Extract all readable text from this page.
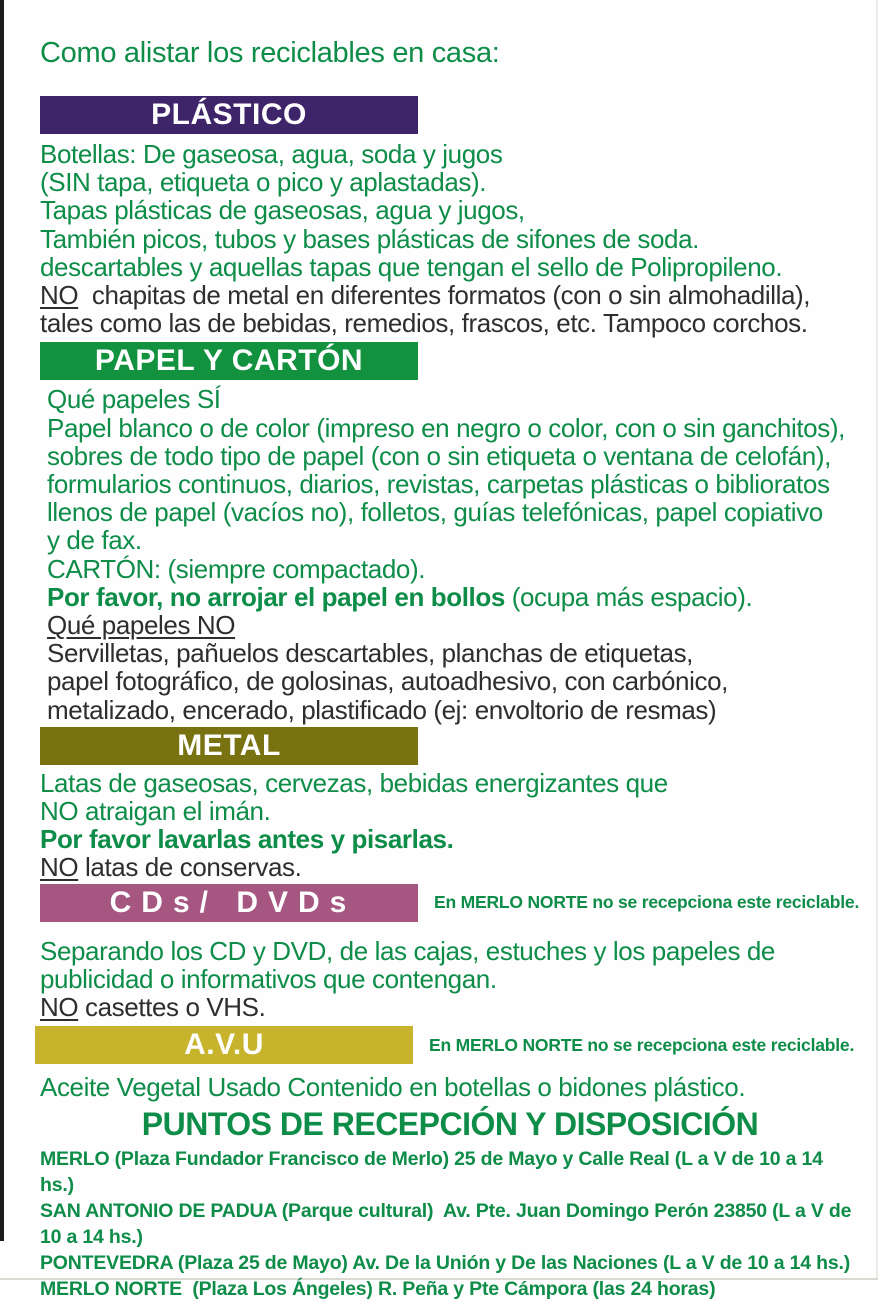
Como alistar los reciclables en casa:
PLÁSTICO
Botellas: De gaseosa, agua, soda y jugos
(SIN tapa, etiqueta o pico y aplastadas).
Tapas plásticas de gaseosas, agua y jugos,
También picos, tubos y bases plásticas de sifones de soda.
descartables y aquellas tapas que tengan el sello de Polipropileno.
NO  chapitas de metal en diferentes formatos (con o sin almohadilla),
tales como las de bebidas, remedios, frascos, etc. Tampoco corchos.
PAPEL Y CARTÓN
Qué papeles SÍ
Papel blanco o de color (impreso en negro o color, con o sin ganchitos),
sobres de todo tipo de papel (con o sin etiqueta o ventana de celofán),
formularios continuos, diarios, revistas, carpetas plásticas o biblioratos
llenos de papel (vacíos no), folletos, guías telefónicas, papel copiativo
y de fax.
CARTÓN: (siempre compactado).
Por favor, no arrojar el papel en bollos (ocupa más espacio).
Qué papeles NO
Servilletas, pañuelos descartables, planchas de etiquetas,
papel fotográfico, de golosinas, autoadhesivo, con carbónico,
metalizado, encerado, plastificado (ej: envoltorio de resmas)
METAL
Latas de gaseosas, cervezas, bebidas energizantes que
NO atraigan el imán.
Por favor lavarlas antes y pisarlas.
NO latas de conservas.
CDs/ DVDs	En MERLO NORTE no se recepciona este reciclable.
Separando los CD y DVD, de las cajas, estuches y los papeles de
publicidad o informativos que contengan.
NO casettes o VHS.
A.V.U	En MERLO NORTE no se recepciona este reciclable.
Aceite Vegetal Usado Contenido en botellas o bidones plástico.
PUNTOS DE RECEPCIÓN Y DISPOSICIÓN
MERLO (Plaza Fundador Francisco de Merlo) 25 de Mayo y Calle Real (L a V de 10 a 14 hs.)
SAN ANTONIO DE PADUA (Parque cultural)  Av. Pte. Juan Domingo Perón 23850 (L a V de 10 a 14 hs.)
PONTEVEDRA (Plaza 25 de Mayo) Av. De la Unión y De las Naciones (L a V de 10 a 14 hs.)
MERLO NORTE  (Plaza Los Ángeles) R. Peña y Pte Cámpora (las 24 horas)
